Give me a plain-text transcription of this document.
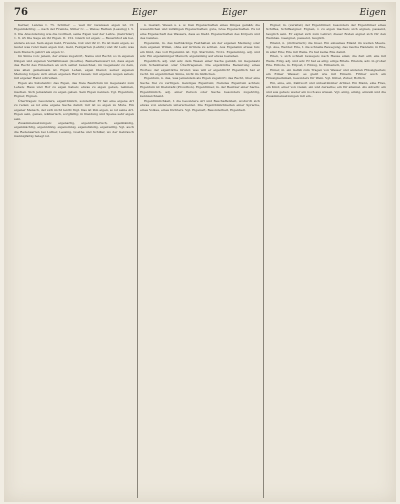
76	Eiger	Eiger	Eigen

Kerner, Landes I. 75. Schiller: — weil ihr Gewissen eigen ist. Cf. Eigenmächtig. — nach der Fremde, Stiller rc. — Weise; Rathan (Lessing) I. 5. 3. Die Absonderung wie die Gottheit, seine Eigen war der Lehre. (Gebrüder) 1. 6. 45 Die Sage an ihr Eigen. II. 152. Gleich ist eigen; — Bauernhof als bei, andere an sei. Sein eigen Geld, Freunde, Gut und ihr rc. Es ist mein eigen, so lautet was rund mein eigen Gut, Geld, Feldgarten (Lehrin) und ihr Leib; was kein Mensch gehört als eigen rc.

Im Sinne von: jenem, der etwas zugehört, Name und Recht; so in eigenen Dingen und eigenen Verhältnissen (Goethe). Bemerkenswert ist, dass eigen das Recht des Einzelnen an sich selbst bezeichnet, im Gegensatz zu dem, was allen gemeinsam ist. Eigen Lehen, eigen Dienst; seiner eigenen Meinung folgen; sich einen eigenen Herd bauen; mit eigenen Augen sehen; mit eigener Hand schreiben.

Eigen als Substantiv: das Eigen, das freie Besitztum im Gegensatz zum Lehen; Haus und Hof zu eigen haben; etwas zu eigen geben, nehmen, machen. Sich jemandem zu eigen geben. Sein Eigen nennen. Vgl. Eigentum, Eigner, Eignen.

Übertragen: besonders, eigentümlich, sonderbar. Er hat eine eigene Art zu reden; es ist eine eigene Sache damit; mir ist so eigen zu Mute. Ein eigener Mensch, der sich nicht leicht fügt. Das ist ihm eigen, so ist seine Art. Eigen sein, genau, wählerisch, sorgfältig; in Kleidung und Speise sehr eigen sein.

Zusammensetzungen: eigenartig, eigenbrötlerisch, eigenhändig, eigenmächtig, eigennützig, eigensinnig, eigenständig, eigenwillig. Vgl. auch die Redensarten bei Luther, Lessing, Goethe und Schiller, wo der Gebrauch mannigfaltig belegt ist.

n. Gestalt, Wesen u. s. w. Den Eigenschaften eines Dinges gemäß; die wesentlichen und zufälligen Eigenschaften; gute, böse Eigenschaften. Es ist eine Eigenschaft des Wassers, dass es fließt. Eigenschaften des Körpers und des Geistes.

Eigensinn, m. das hartnäckige Festhalten an der eigenen Meinung oder dem eigenen Willen, ohne auf Gründe zu achten. Aus Eigensinn etwas tun; ein Kind, das voll Eigensinn ist. Vgl. Starrsinn, Trotz. Eigensinnig, adj. und adv. Ein eigensinniger Mensch; eigensinnig auf etwas bestehen.

Eigentlich, adj. und adv. dem Wesen einer Sache gemäß, im Gegensatz zum Scheinbaren oder Übertragenen. Die eigentliche Bedeutung eines Wortes; der eigentliche Grund; was will er eigentlich? Eigentlich hat er recht. Im eigentlichen Sinne, nicht im bildlichen.

Eigentum, n. das, was jemandem als Eigen zugehört; das Recht, über eine Sache frei zu verfügen. Geistiges Eigentum; fremdes Eigentum achten; Eigentum ist Diebstahl (Proudhon). Eigentümer, m. der Besitzer einer Sache. Eigentümlich, adj. einer Person oder Sache besonders zugehörig, kennzeichnend.

Eigentümlichkeit, f. die besondere Art und Beschaffenheit, wodurch sich etwas von anderem unterscheidet. Die Eigentümlichkeiten einer Sprache, eines Volkes, eines Dichters. Vgl. Eigenart, Besonderheit, Eigenheit.

Eigner, m. (veraltet) der Eigentümer; besonders der Eigentümer eines Schiffes, Schiffseigner. Eignen, v. zu eigen machen; sich eignen, passend, tauglich sein. Er eignet sich zum Lehrer; dieser Boden eignet sich für den Weinbau. Geeignet, passend, tauglich.

Eiland, n. (dichterisch) die Insel. Ein einsames Eiland im weiten Meere. Vgl. Aue, Werder. Eile, f. die schnelle Bewegung, das rasche Handeln; in Eile, in aller Eile; Eile mit Weile. Es hat keine Eile damit.

Eilen, v. sich schnell bewegen; nach Hause eilen; die Zeit eilt; eile mit Weile. Eilig, adj. und adv. Er hat es eilig; eilige Briefe. Eilends, adv. in großer Eile. Eilbote, m. Eilpost, f. Eilzug, m. Eilmarsch, m.

Eimer, m. ein Gefäß zum Tragen von Wasser und anderen Flüssigkeiten; ein Eimer Wasser; es gießt wie mit Eimern. Früher auch ein Flüssigkeitsmaß, besonders für Wein. Vgl. Kübel, Zuber, Bottich.

Ein, eine, ein, Zahlwort und unbestimmter Artikel. Ein Mann, eine Frau, ein Kind; einer von vielen; ein und derselbe; ein für allemal. Als Adverb: ein und aus gehen; weder ein noch aus wissen. Vgl. einig, einzig, einzeln und die Zusammensetzungen mit ein-.
